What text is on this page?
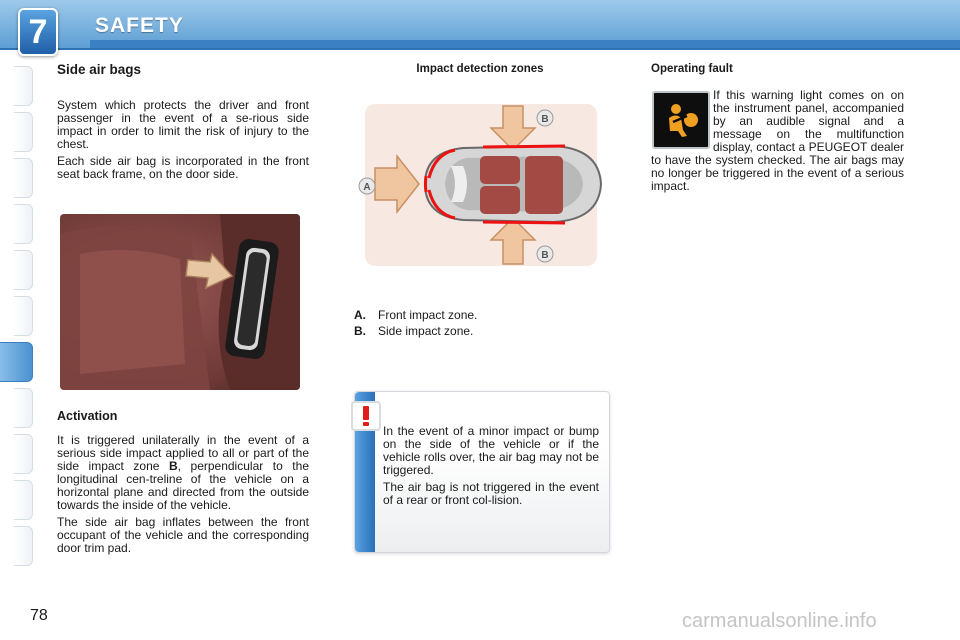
7	SAFETY
Side air bags

System which protects the driver and front passenger in the event of a se-rious side impact in order to limit the risk of injury to the chest.

Each side air bag is incorporated in the front seat back frame, on the door side.

Activation

It is triggered unilaterally in the event of a serious side impact applied to all or part of the side impact zone B, perpendicular to the longitudinal cen-treline of the vehicle on a horizontal plane and directed from the outside towards the inside of the vehicle.

The side air bag inflates between the front occupant of the vehicle and the corresponding door trim pad.

Impact detection zones
B
B
A
A.	Front impact zone.
B.	Side impact zone.

In the event of a minor impact or bump on the side of the vehicle or if the vehicle rolls over, the air bag may not be triggered.

The air bag is not triggered in the event of a rear or front col-lision.

Operating fault

If this warning light comes on on the instrument panel, accompanied by an audible signal and a message on the multifunction display, contact a PEUGEOT dealer to have the system checked. The air bags may no longer be triggered in the event of a serious impact.

78	carmanualsonline.info
